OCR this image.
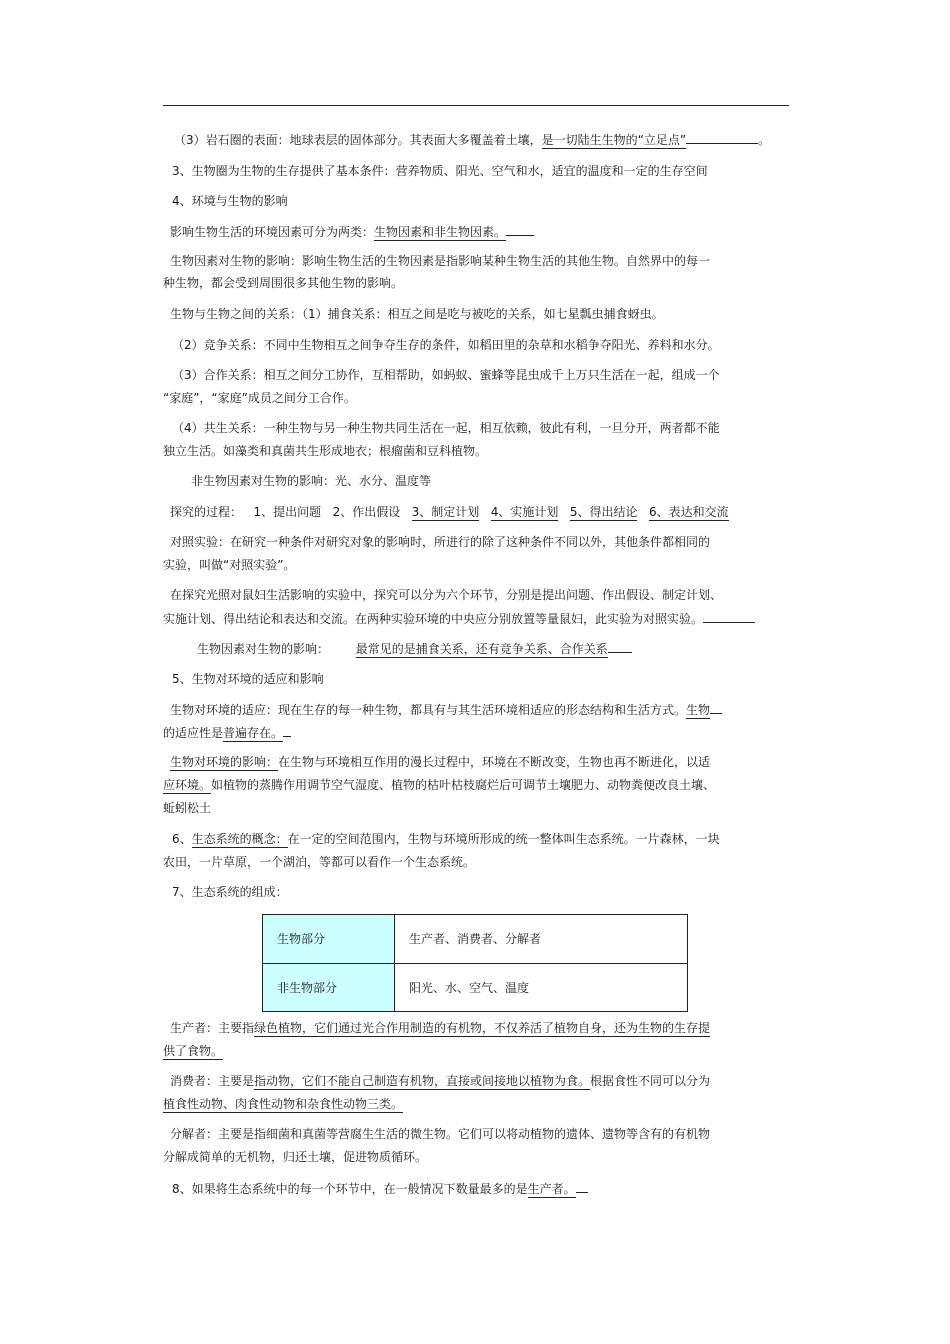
（3）岩石圈的表面：地球表层的固体部分。其表面大多覆盖着土壤，是一切陆生生物的“立足点”	。
3、生物圈为生物的生存提供了基本条件：营养物质、阳光、空气和水，适宜的温度和一定的生存空间
4、环境与生物的影响
影响生物生活的环境因素可分为两类：生物因素和非生物因素。
生物因素对生物的影响：影响生物生活的生物因素是指影响某种生物生活的其他生物。自然界中的每一
种生物，都会受到周围很多其他生物的影响。
生物与生物之间的关系：（1）捕食关系：相互之间是吃与被吃的关系，如七星瓢虫捕食蚜虫。
（2）竞争关系：不同中生物相互之间争夺生存的条件，如稻田里的杂草和水稻争夺阳光、养料和水分。
（3）合作关系：相互之间分工协作，互相帮助，如蚂蚁、蜜蜂等昆虫成千上万只生活在一起，组成一个
“家庭”，“家庭”成员之间分工合作。
（4）共生关系：一种生物与另一种生物共同生活在一起，相互依赖，彼此有利，一旦分开，两者都不能
独立生活。如藻类和真菌共生形成地衣；根瘤菌和豆科植物。
非生物因素对生物的影响：光、水分、温度等
探究的过程： 1、提出问题 2、作出假设 3、制定计划 4、实施计划 5、得出结论 6、表达和交流
对照实验：在研究一种条件对研究对象的影响时，所进行的除了这种条件不同以外，其他条件都相同的
实验，叫做“对照实验”。
在探究光照对鼠妇生活影响的实验中，探究可以分为六个环节，分别是提出问题、作出假设、制定计划、
实施计划、得出结论和表达和交流。在两种实验环境的中央应分别放置等量鼠妇，此实验为对照实验。
生物因素对生物的影响： 最常见的是捕食关系，还有竞争关系、合作关系
5、生物对环境的适应和影响
生物对环境的适应：现在生存的每一种生物，都具有与其生活环境相适应的形态结构和生活方式。生物
的适应性是普遍存在。
生物对环境的影响：在生物与环境相互作用的漫长过程中，环境在不断改变，生物也再不断进化，以适
应环境。如植物的蒸腾作用调节空气湿度、植物的枯叶枯枝腐烂后可调节土壤肥力、动物粪便改良土壤、
蚯蚓松土
6、生态系统的概念：在一定的空间范围内，生物与环境所形成的统一整体叫生态系统。一片森林，一块
农田，一片草原，一个湖泊，等都可以看作一个生态系统。
7、生态系统的组成：
生物部分	生产者、消费者、分解者
非生物部分	阳光、水、空气、温度
生产者：主要指绿色植物，它们通过光合作用制造的有机物，不仅养活了植物自身，还为生物的生存提
供了食物。
消费者：主要是指动物，它们不能自己制造有机物，直接或间接地以植物为食。根据食性不同可以分为
植食性动物、肉食性动物和杂食性动物三类。
分解者：主要是指细菌和真菌等营腐生生活的微生物。它们可以将动植物的遗体、遗物等含有的有机物
分解成简单的无机物，归还土壤，促进物质循环。
8、如果将生态系统中的每一个环节中，在一般情况下数量最多的是生产者。
